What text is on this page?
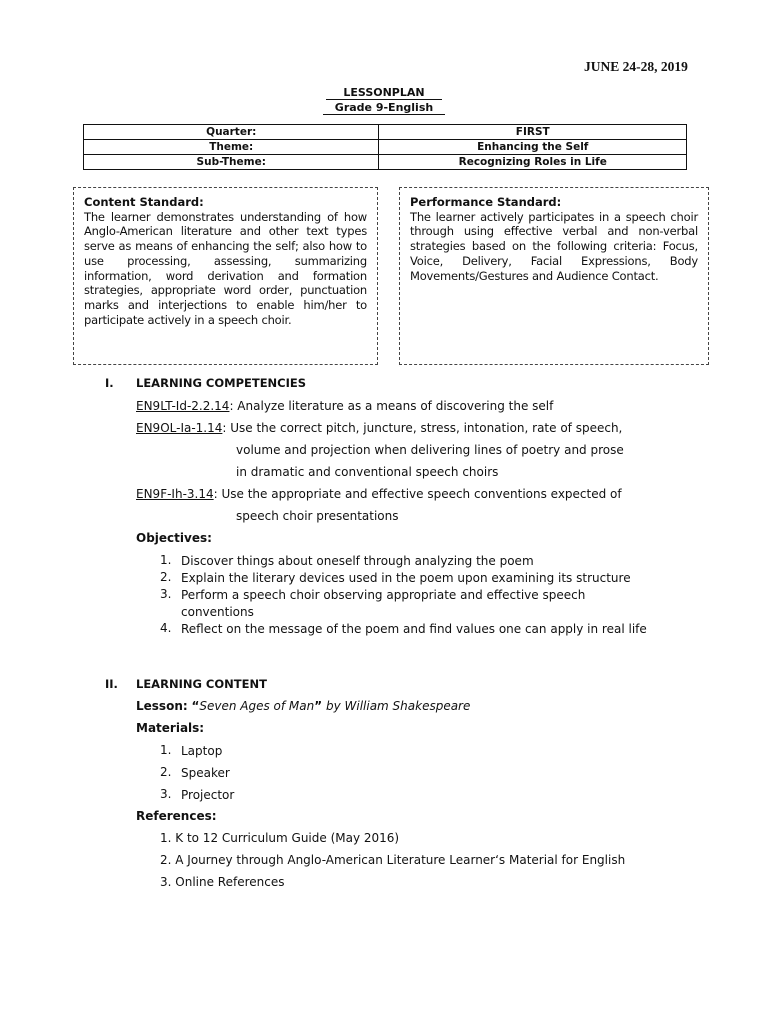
JUNE 24-28, 2019
LESSONPLAN
Grade 9-English
Quarter:	FIRST
Theme:	Enhancing the Self
Sub-Theme:	Recognizing Roles in Life
Content Standard:
The learner demonstrates understanding of how Anglo-American literature and other text types serve as means of enhancing the self; also how to use processing, assessing, summarizing information, word derivation and formation strategies, appropriate word order, punctuation marks and interjections to enable him/her to participate actively in a speech choir.
Performance Standard:
The learner actively participates in a speech choir through using effective verbal and non-verbal strategies based on the following criteria: Focus, Voice, Delivery, Facial Expressions, Body Movements/Gestures and Audience Contact.
I. LEARNING COMPETENCIES
EN9LT-Id-2.2.14: Analyze literature as a means of discovering the self
EN9OL-Ia-1.14: Use the correct pitch, juncture, stress, intonation, rate of speech,
volume and projection when delivering lines of poetry and prose
in dramatic and conventional speech choirs
EN9F-Ih-3.14: Use the appropriate and effective speech conventions expected of
speech choir presentations
Objectives:
1. Discover things about oneself through analyzing the poem
2. Explain the literary devices used in the poem upon examining its structure
3. Perform a speech choir observing appropriate and effective speech conventions
4. Reflect on the message of the poem and find values one can apply in real life
II. LEARNING CONTENT
Lesson: “Seven Ages of Man” by William Shakespeare
Materials:
1. Laptop
2. Speaker
3. Projector
References:
1. K to 12 Curriculum Guide (May 2016)
2. A Journey through Anglo-American Literature Learner‘s Material for English
3. Online References
